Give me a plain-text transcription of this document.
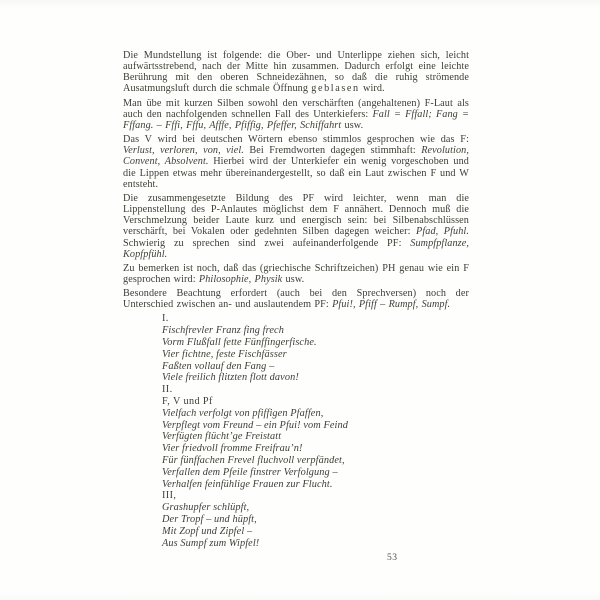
Die Mundstellung ist folgende: die Ober- und Unterlippe ziehen sich, leicht aufwärtsstrebend, nach der Mitte hin zusammen. Dadurch erfolgt eine leichte Berührung mit den oberen Schneidezähnen, so daß die ruhig strömende Ausatmungsluft durch die schmale Öffnung geblasen wird.

Man übe mit kurzen Silben sowohl den verschärften (angehaltenen) F-Laut als auch den nachfolgenden schnellen Fall des Unterkiefers: Fall = Fffall; Fang = Fffang. – Fffi, Fffu, Afffe, Pfiffig, Pfeffer, Schiffahrt usw.

Das V wird bei deutschen Wörtern ebenso stimmlos gesprochen wie das F: Verlust, verloren, von, viel. Bei Fremdworten dagegen stimmhaft: Revolution, Convent, Absolvent. Hierbei wird der Unterkiefer ein wenig vorgeschoben und die Lippen etwas mehr übereinandergestellt, so daß ein Laut zwischen F und W entsteht.

Die zusammengesetzte Bildung des PF wird leichter, wenn man die Lippenstellung des P-Anlautes möglichst dem F annähert. Dennoch muß die Verschmelzung beider Laute kurz und energisch sein: bei Silbenabschlüssen verschärft, bei Vokalen oder gedehnten Silben dagegen weicher: Pfad, Pfuhl. Schwierig zu sprechen sind zwei aufeinanderfolgende PF: Sumpfpflanze, Kopfpfühl.

Zu bemerken ist noch, daß das (griechische Schriftzeichen) PH genau wie ein F gesprochen wird: Philosophie, Physik usw.

Besondere Beachtung erfordert (auch bei den Sprechversen) noch der Unterschied zwischen an- und auslautendem PF: Pfui!, Pfiff – Rumpf, Sumpf.

I.
Fischfrevler Franz fing frech
Vorm Flußfall fette Fünffingerfische.
Vier fichtne, feste Fischfässer
Faßten vollauf den Fang –
Viele freilich flitzten flott davon!
II.
F, V und Pf
Vielfach verfolgt von pfiffigen Pfaffen,
Verpflegt vom Freund – ein Pfui! vom Feind
Verfügten flücht’ge Freistatt
Vier friedvoll fromme Freifrau’n!
Für fünffachen Frevel fluchvoll verpfändet,
Verfallen dem Pfeile finstrer Verfolgung –
Verhalfen feinfühlige Frauen zur Flucht.
III,
Grashupfer schlüpft,
Der Tropf – und hüpft,
Mit Zopf und Zipfel –
Aus Sumpf zum Wipfel!
53
